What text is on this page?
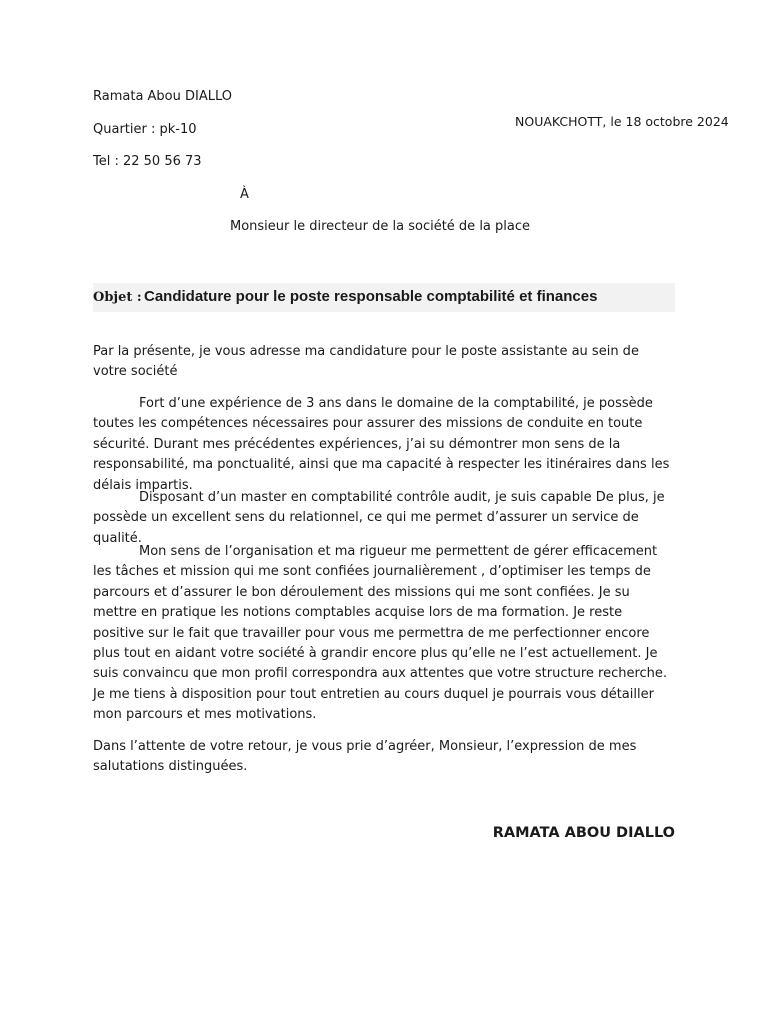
Ramata Abou DIALLO
Quartier : pk-10
Tel : 22 50 56 73
NOUAKCHOTT, le 18 octobre 2024
À
Monsieur le directeur de la société de la place
Objet : Candidature pour le poste responsable comptabilité et finances

Par la présente, je vous adresse ma candidature pour le poste assistante au sein de votre société

Fort d’une expérience de 3 ans dans le domaine de la comptabilité, je possède toutes les compétences nécessaires pour assurer des missions de conduite en toute sécurité. Durant mes précédentes expériences, j’ai su démontrer mon sens de la responsabilité, ma ponctualité, ainsi que ma capacité à respecter les itinéraires dans les délais impartis.

Disposant d’un master en comptabilité contrôle audit, je suis capable De plus, je possède un excellent sens du relationnel, ce qui me permet d’assurer un service de qualité.

Mon sens de l’organisation et ma rigueur me permettent de gérer efficacement les tâches et mission qui me sont confiées journalièrement , d’optimiser les temps de parcours et d’assurer le bon déroulement des missions qui me sont confiées. Je su mettre en pratique les notions comptables acquise lors de ma formation. Je reste positive sur le fait que travailler pour vous me permettra de me perfectionner encore plus tout en aidant votre société à grandir encore plus qu’elle ne l’est actuellement. Je suis convaincu que mon profil correspondra aux attentes que votre structure recherche. Je me tiens à disposition pour tout entretien au cours duquel je pourrais vous détailler mon parcours et mes motivations.

Dans l’attente de votre retour, je vous prie d’agréer, Monsieur, l’expression de mes salutations distinguées.

RAMATA ABOU DIALLO
